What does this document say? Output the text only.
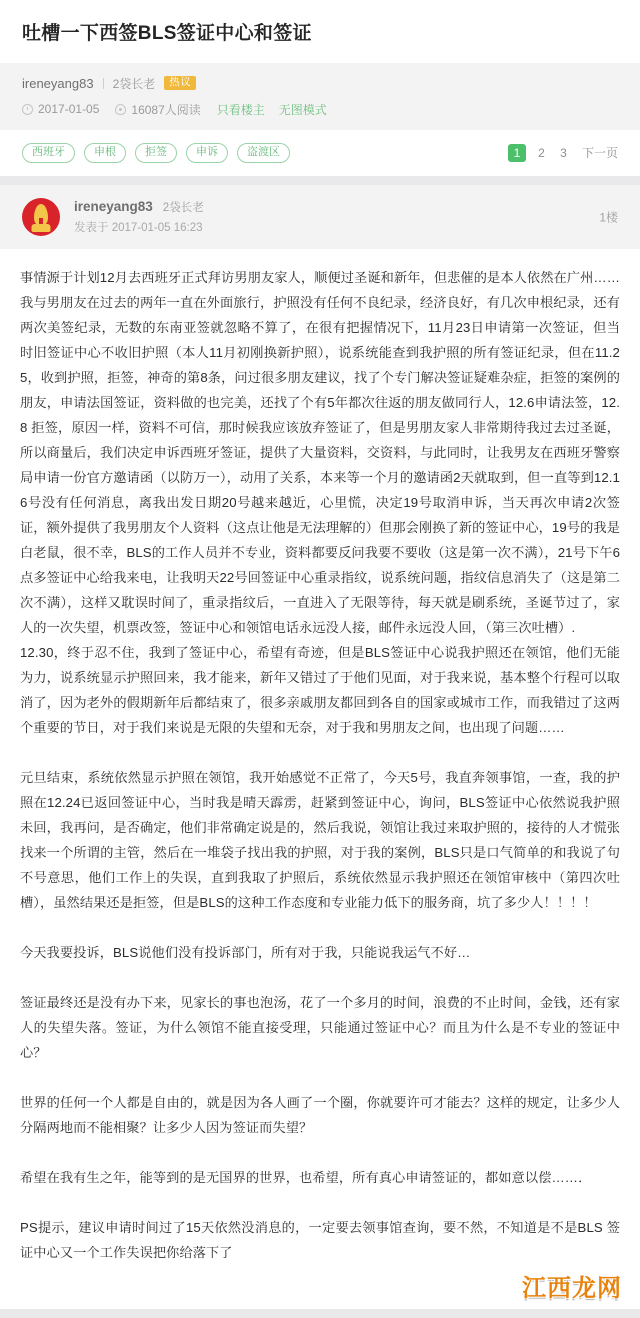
吐槽一下西签BLS签证中心和签证
ireneyang83 2袋长老	热议
2017-01-05	16087人阅读 只看楼主 无图模式
西班牙	申根	拒签	申诉	盗渡区	1	2 3 下一页
ireneyang83 2袋长老
发表于 2017-01-05 16:23
1楼

事情源于计划12月去西班牙正式拜访男朋友家人，顺便过圣诞和新年，但悲催的是本人依然在广州……我与男朋友在过去的两年一直在外面旅行，护照没有任何不良纪录，经济良好，有几次申根纪录，还有两次美签纪录，无数的东南亚签就忽略不算了，在很有把握情况下，11月23日申请第一次签证，但当时旧签证中心不收旧护照（本人11月初刚换新护照），说系统能查到我护照的所有签证纪录，但在11.25，收到护照，拒签，神奇的第8条，问过很多朋友建议，找了个专门解决签证疑难杂症，拒签的案例的朋友，申请法国签证，资料做的也完美，还找了个有5年都次往返的朋友做同行人，12.6申请法签，12.8 拒签，原因一样，资料不可信，那时候我应该放弃签证了，但是男朋友家人非常期待我过去过圣诞，所以商量后，我们决定申诉西班牙签证，提供了大量资料，交资料，与此同时，让我男友在西班牙警察局申请一份官方邀请函（以防万一），动用了关系，本来等一个月的邀请函2天就取到，但一直等到12.16号没有任何消息，离我出发日期20号越来越近，心里慌，决定19号取消申诉，当天再次申请2次签证，额外提供了我男朋友个人资料（这点让他是无法理解的）但那会刚换了新的签证中心，19号的我是白老鼠，很不幸，BLS的工作人员并不专业，资料都要反问我要不要收（这是第一次不满），21号下午6点多签证中心给我来电，让我明天22号回签证中心重录指纹，说系统问题，指纹信息消失了（这是第二次不满），这样又耽误时间了，重录指纹后，一直进入了无限等待，每天就是刷系统，圣诞节过了，家人的一次失望，机票改签，签证中心和领馆电话永远没人接，邮件永远没人回，（第三次吐槽）.

12.30，终于忍不住，我到了签证中心，希望有奇迹，但是BLS签证中心说我护照还在领馆，他们无能为力，说系统显示护照回来，我才能来，新年又错过了于他们见面，对于我来说，基本整个行程可以取消了，因为老外的假期新年后都结束了，很多亲戚朋友都回到各自的国家或城市工作，而我错过了这两个重要的节日，对于我们来说是无限的失望和无奈，对于我和男朋友之间，也出现了问题……

元旦结束，系统依然显示护照在领馆，我开始感觉不正常了，今天5号，我直奔领事馆，一查，我的护照在12.24已返回签证中心，当时我是晴天霹雳，赶紧到签证中心，询问，BLS签证中心依然说我护照未回，我再问，是否确定，他们非常确定说是的，然后我说，领馆让我过来取护照的，接待的人才慌张找来一个所谓的主管，然后在一堆袋子找出我的护照，对于我的案例，BLS只是口气简单的和我说了句不号意思，他们工作上的失误，直到我取了护照后，系统依然显示我护照还在领馆审核中（第四次吐槽），虽然结果还是拒签，但是BLS的这种工作态度和专业能力低下的服务商，坑了多少人！！！！

今天我要投诉，BLS说他们没有投诉部门，所有对于我，只能说我运气不好…

签证最终还是没有办下来，见家长的事也泡汤，花了一个多月的时间，浪费的不止时间，金钱，还有家人的失望失落。签证，为什么领馆不能直接受理，只能通过签证中心？而且为什么是不专业的签证中心？

世界的任何一个人都是自由的，就是因为各人画了一个圈，你就要许可才能去？这样的规定，让多少人分隔两地而不能相聚？让多少人因为签证而失望？

希望在我有生之年，能等到的是无国界的世界，也希望，所有真心申请签证的，都如意以偿……．

PS提示，建议申请时间过了15天依然没消息的，一定要去领事馆查询，要不然，不知道是不是BLS 签证中心又一个工作失误把你给落下了

江西龙网
